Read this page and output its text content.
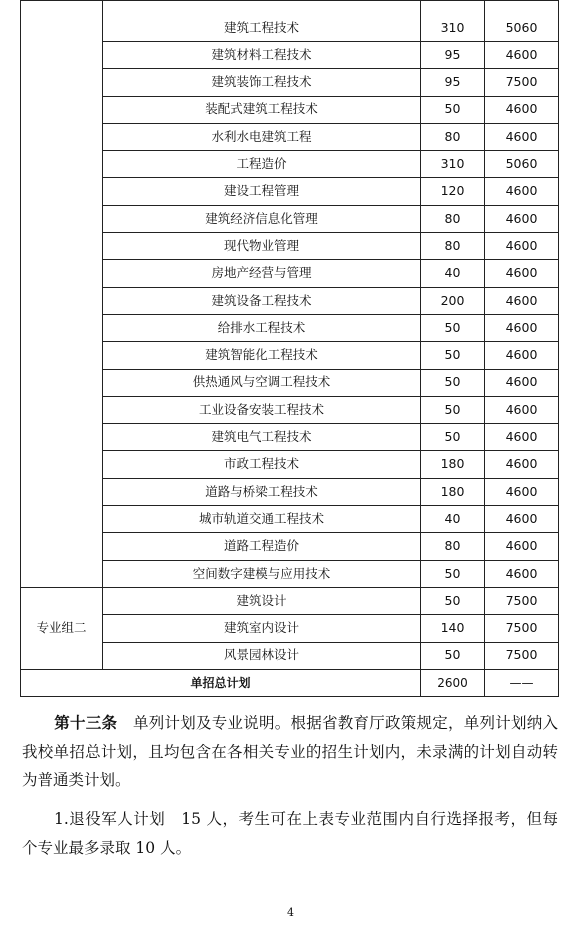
	建筑工程技术	310	5060
	建筑材料工程技术	95	4600
	建筑装饰工程技术	95	7500
	装配式建筑工程技术	50	4600
	水利水电建筑工程	80	4600
	工程造价	310	5060
	建设工程管理	120	4600
	建筑经济信息化管理	80	4600
	现代物业管理	80	4600
	房地产经营与管理	40	4600
	建筑设备工程技术	200	4600
	给排水工程技术	50	4600
	建筑智能化工程技术	50	4600
	供热通风与空调工程技术	50	4600
	工业设备安装工程技术	50	4600
	建筑电气工程技术	50	4600
	市政工程技术	180	4600
	道路与桥梁工程技术	180	4600
	城市轨道交通工程技术	40	4600
	道路工程造价	80	4600
	空间数字建模与应用技术	50	4600
专业组二	建筑设计	50	7500
	建筑室内设计	140	7500
	风景园林设计	50	7500
单招总计划		2600	——

第十三条　单列计划及专业说明。根据省教育厅政策规定，单列计划纳入我校单招总计划，且均包含在各相关专业的招生计划内，未录满的计划自动转为普通类计划。

1.退役军人计划　15 人，考生可在上表专业范围内自行选择报考，但每个专业最多录取 10 人。

4
